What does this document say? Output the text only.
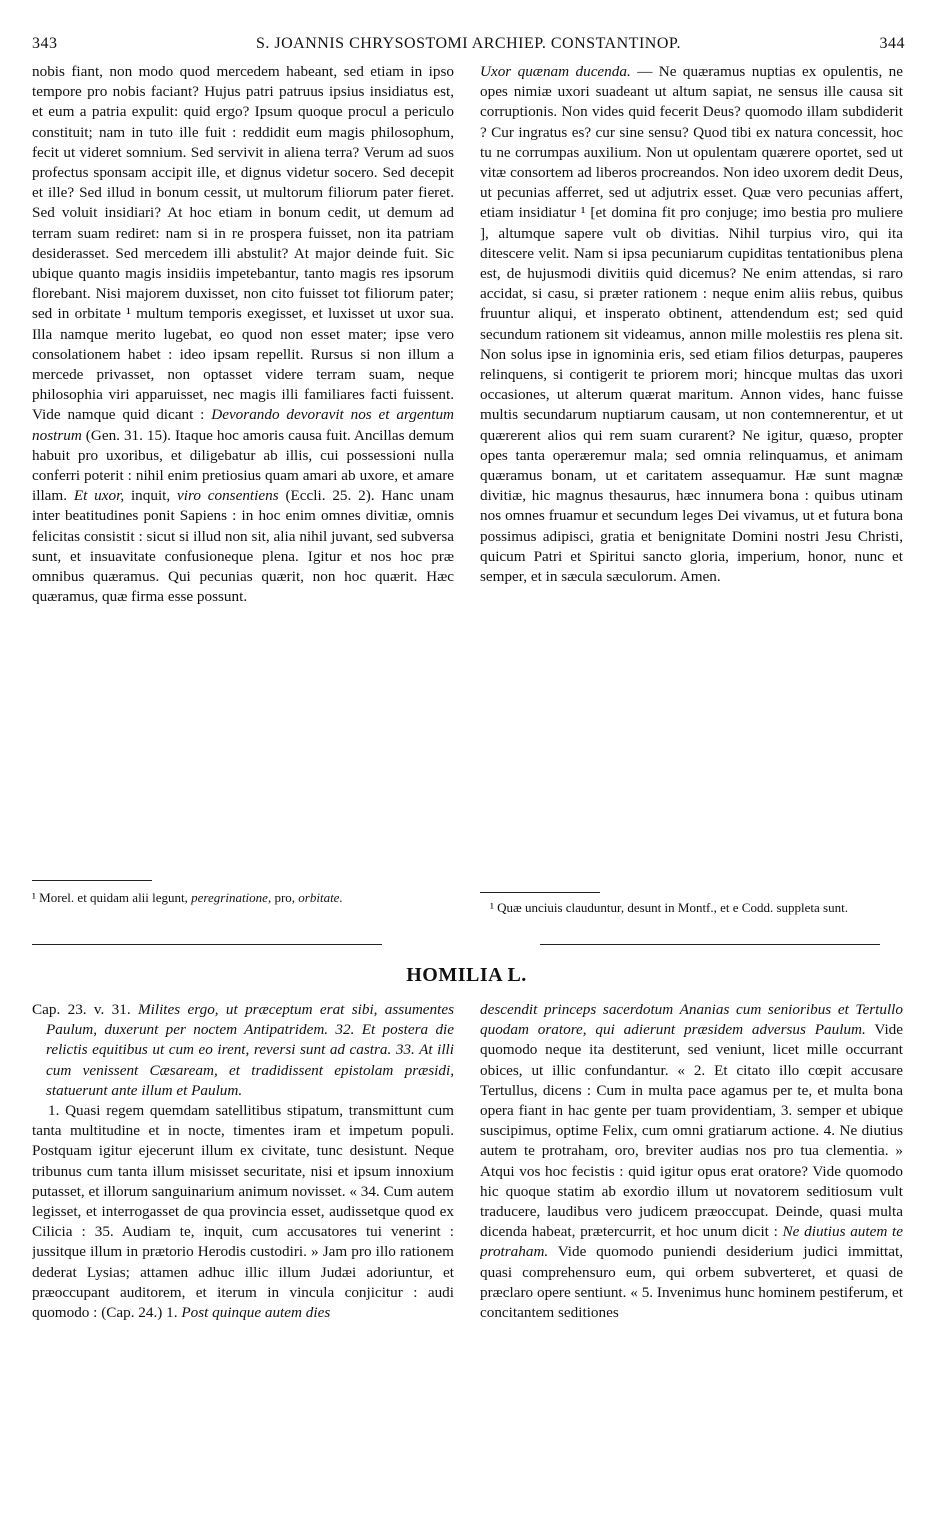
343	S. JOANNIS CHRYSOSTOMI ARCHIEP. CONSTANTINOP.	344

nobis fiant, non modo quod mercedem habeant, sed etiam in ipso tempore pro nobis faciant? Hujus patri patruus ipsius insidiatus est, et eum a patria expulit: quid ergo? Ipsum quoque procul a periculo constituit; nam in tuto ille fuit : reddidit eum magis philosophum, fecit ut videret somnium. Sed servivit in aliena terra? Verum ad suos profectus sponsam accipit ille, et dignus videtur socero. Sed decepit et ille? Sed illud in bonum cessit, ut multorum filiorum pater fieret. Sed voluit insidiari? At hoc etiam in bonum cedit, ut demum ad terram suam rediret: nam si in re prospera fuisset, non ita patriam desiderasset. Sed mercedem illi abstulit? At major deinde fuit. Sic ubique quanto magis insidiis impetebantur, tanto magis res ipsorum florebant. Nisi majorem duxisset, non cito fuisset tot filiorum pater; sed in orbitate ¹ multum temporis exegisset, et luxisset ut uxor sua. Illa namque merito lugebat, eo quod non esset mater; ipse vero consolationem habet : ideo ipsam repellit. Rursus si non illum a mercede privasset, non optasset videre terram suam, neque philosophia viri apparuisset, nec magis illi familiares facti fuissent. Vide namque quid dicant : Devorando devoravit nos et argentum nostrum (Gen. 31. 15). Itaque hoc amoris causa fuit. Ancillas demum habuit pro uxoribus, et diligebatur ab illis, cui possessioni nulla conferri poterit : nihil enim pretiosius quam amari ab uxore, et amare illam. Et uxor, inquit, viro consentiens (Eccli. 25. 2). Hanc unam inter beatitudines ponit Sapiens : in hoc enim omnes divitiæ, omnis felicitas consistit : sicut si illud non sit, alia nihil juvant, sed subversa sunt, et insuavitate confusioneque plena. Igitur et nos hoc præ omnibus quæramus. Qui pecunias quærit, non hoc quærit. Hæc quæramus, quæ firma esse possunt.

¹ Morel. et quidam alii legunt, peregrinatione, pro, orbitate.

Uxor quænam ducenda. — Ne quæramus nuptias ex opulentis, ne opes nimiæ uxori suadeant ut altum sapiat, ne sensus ille causa sit corruptionis. Non vides quid fecerit Deus? quomodo illam subdiderit ? Cur ingratus es? cur sine sensu? Quod tibi ex natura concessit, hoc tu ne corrumpas auxilium. Non ut opulentam quærere oportet, sed ut vitæ consortem ad liberos procreandos. Non ideo uxorem dedit Deus, ut pecunias afferret, sed ut adjutrix esset. Quæ vero pecunias affert, etiam insidiatur ¹ [et domina fit pro conjuge; imo bestia pro muliere ], altumque sapere vult ob divitias. Nihil turpius viro, qui ita ditescere velit. Nam si ipsa pecuniarum cupiditas tentationibus plena est, de hujusmodi divitiis quid dicemus? Ne enim attendas, si raro accidat, si casu, si præter rationem : neque enim aliis rebus, quibus fruuntur aliqui, et insperato obtinent, attendendum est; sed quid secundum rationem sit videamus, annon mille molestiis res plena sit. Non solus ipse in ignominia eris, sed etiam filios deturpas, pauperes relinquens, si contigerit te priorem mori; hincque multas das uxori occasiones, ut alterum quærat maritum. Annon vides, hanc fuisse multis secundarum nuptiarum causam, ut non contemnerentur, et ut quærerent alios qui rem suam curarent? Ne igitur, quæso, propter opes tanta operæremur mala; sed omnia relinquamus, et animam quæramus bonam, ut et caritatem assequamur. Hæ sunt magnæ divitiæ, hic magnus thesaurus, hæc innumera bona : quibus utinam nos omnes fruamur et secundum leges Dei vivamus, ut et futura bona possimus adipisci, gratia et benignitate Domini nostri Jesu Christi, quicum Patri et Spiritui sancto gloria, imperium, honor, nunc et semper, et in sæcula sæculorum. Amen.

¹ Quæ unciuis clauduntur, desunt in Montf., et e Codd. suppleta sunt.
HOMILIA L.

Cap. 23. v. 31. Milites ergo, ut præceptum erat sibi, assumentes Paulum, duxerunt per noctem Antipatridem. 32. Et postera die relictis equitibus ut cum eo irent, reversi sunt ad castra. 33. At illi cum venissent Cæsaream, et tradidissent epistolam præsidi, statuerunt ante illum et Paulum.

1. Quasi regem quemdam satellitibus stipatum, transmittunt cum tanta multitudine et in nocte, timentes iram et impetum populi. Postquam igitur ejecerunt illum ex civitate, tunc desistunt. Neque tribunus cum tanta illum misisset securitate, nisi et ipsum innoxium putasset, et illorum sanguinarium animum novisset. « 34. Cum autem legisset, et interrogasset de qua provincia esset, audissetque quod ex Cilicia : 35. Audiam te, inquit, cum accusatores tui venerint : jussitque illum in prætorio Herodis custodiri. » Jam pro illo rationem dederat Lysias; attamen adhuc illic illum Judæi adoriuntur, et præoccupant auditorem, et iterum in vincula conjicitur : audi quomodo : (Cap. 24.) 1. Post quinque autem dies

descendit princeps sacerdotum Ananias cum senioribus et Tertullo quodam oratore, qui adierunt præsidem adversus Paulum. Vide quomodo neque ita destiterunt, sed veniunt, licet mille occurrant obices, ut illic confundantur. « 2. Et citato illo cœpit accusare Tertullus, dicens : Cum in multa pace agamus per te, et multa bona opera fiant in hac gente per tuam providentiam, 3. semper et ubique suscipimus, optime Felix, cum omni gratiarum actione. 4. Ne diutius autem te protraham, oro, breviter audias nos pro tua clementia. » Atqui vos hoc fecistis : quid igitur opus erat oratore? Vide quomodo hic quoque statim ab exordio illum ut novatorem seditiosum vult traducere, laudibus vero judicem præoccupat. Deinde, quasi multa dicenda habeat, prætercurrit, et hoc unum dicit : Ne diutius autem te protraham. Vide quomodo puniendi desiderium judici immittat, quasi comprehensuro eum, qui orbem subverteret, et quasi de præclaro opere sentiunt. « 5. Invenimus hunc hominem pestiferum, et concitantem seditiones
